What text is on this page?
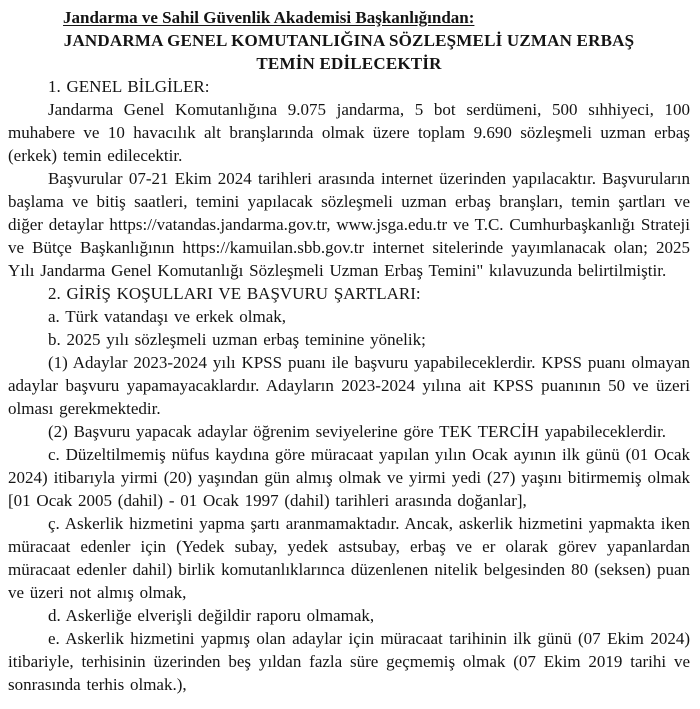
Jandarma ve Sahil Güvenlik Akademisi Başkanlığından:
JANDARMA GENEL KOMUTANLIĞINA SÖZLEŞMELİ UZMAN ERBAŞ
TEMİN EDİLECEKTİR

1. GENEL BİLGİLER:

Jandarma Genel Komutanlığına 9.075 jandarma, 5 bot serdümeni, 500 sıhhiyeci, 100 muhabere ve 10 havacılık alt branşlarında olmak üzere toplam 9.690 sözleşmeli uzman erbaş (erkek) temin edilecektir.

Başvurular 07-21 Ekim 2024 tarihleri arasında internet üzerinden yapılacaktır. Başvuruların başlama ve bitiş saatleri, temini yapılacak sözleşmeli uzman erbaş branşları, temin şartları ve diğer detaylar https://vatandas.jandarma.gov.tr, www.jsga.edu.tr ve T.C. Cumhurbaşkanlığı Strateji ve Bütçe Başkanlığının https://kamuilan.sbb.gov.tr internet sitelerinde yayımlanacak olan; 2025 Yılı Jandarma Genel Komutanlığı Sözleşmeli Uzman Erbaş Temini" kılavuzunda belirtilmiştir.

2. GİRİŞ KOŞULLARI VE BAŞVURU ŞARTLARI:

a. Türk vatandaşı ve erkek olmak,

b. 2025 yılı sözleşmeli uzman erbaş teminine yönelik;

(1) Adaylar 2023-2024 yılı KPSS puanı ile başvuru yapabileceklerdir. KPSS puanı olmayan adaylar başvuru yapamayacaklardır. Adayların 2023-2024 yılına ait KPSS puanının 50 ve üzeri olması gerekmektedir.

(2) Başvuru yapacak adaylar öğrenim seviyelerine göre TEK TERCİH yapabileceklerdir.

c. Düzeltilmemiş nüfus kaydına göre müracaat yapılan yılın Ocak ayının ilk günü (01 Ocak 2024) itibarıyla yirmi (20) yaşından gün almış olmak ve yirmi yedi (27) yaşını bitirmemiş olmak [01 Ocak 2005 (dahil) - 01 Ocak 1997 (dahil) tarihleri arasında doğanlar],

ç. Askerlik hizmetini yapma şartı aranmamaktadır. Ancak, askerlik hizmetini yapmakta iken müracaat edenler için (Yedek subay, yedek astsubay, erbaş ve er olarak görev yapanlardan müracaat edenler dahil) birlik komutanlıklarınca düzenlenen nitelik belgesinden 80 (seksen) puan ve üzeri not almış olmak,

d. Askerliğe elverişli değildir raporu olmamak,

e. Askerlik hizmetini yapmış olan adaylar için müracaat tarihinin ilk günü (07 Ekim 2024) itibariyle, terhisinin üzerinden beş yıldan fazla süre geçmemiş olmak (07 Ekim 2019 tarihi ve sonrasında terhis olmak.),
